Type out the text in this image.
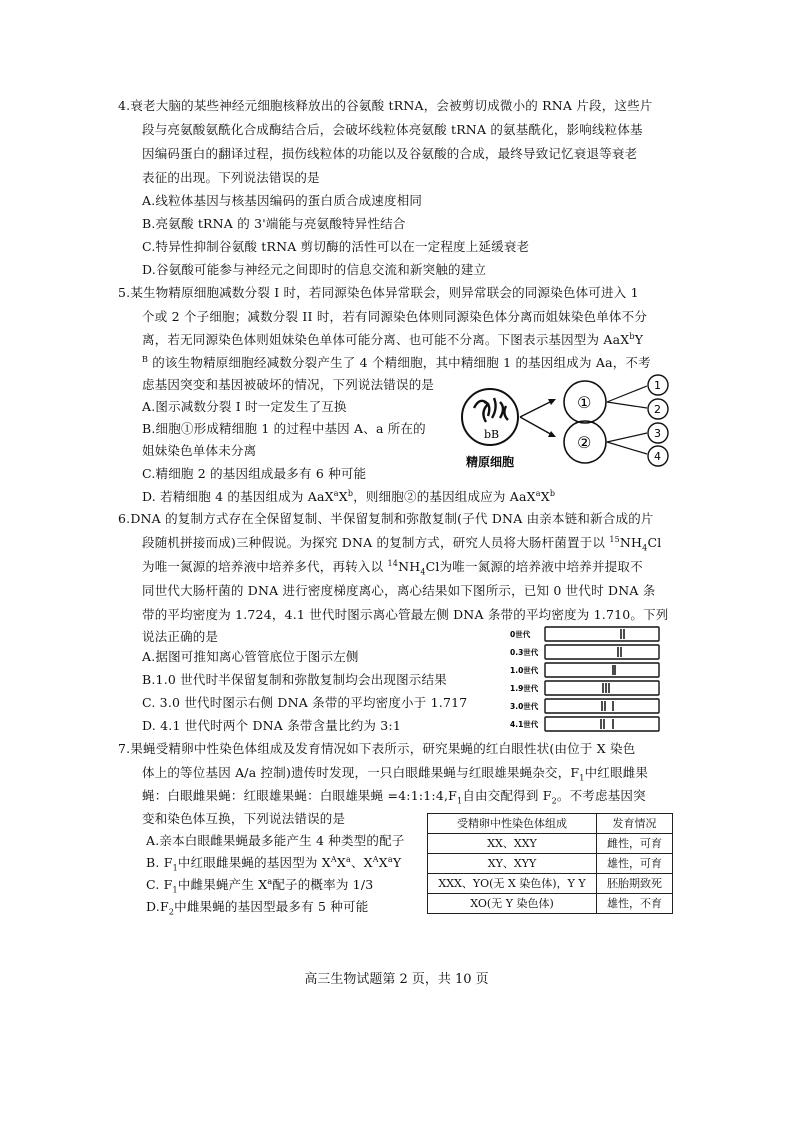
4.衰老大脑的某些神经元细胞核释放出的谷氨酸 tRNA，会被剪切成微小的 RNA 片段，这些片
段与亮氨酸氨酰化合成酶结合后，会破坏线粒体亮氨酸 tRNA 的氨基酰化，影响线粒体基
因编码蛋白的翻译过程，损伤线粒体的功能以及谷氨酸的合成，最终导致记忆衰退等衰老
表征的出现。下列说法错误的是
A.线粒体基因与核基因编码的蛋白质合成速度相同
B.亮氨酸 tRNA 的 3'端能与亮氨酸特异性结合
C.特异性抑制谷氨酸 tRNA 剪切酶的活性可以在一定程度上延缓衰老
D.谷氨酸可能参与神经元之间即时的信息交流和新突触的建立
5.某生物精原细胞减数分裂 I 时，若同源染色体异常联会，则异常联会的同源染色体可进入 1
个或 2 个子细胞；减数分裂 II 时，若有同源染色体则同源染色体分离而姐妹染色单体不分
离，若无同源染色体则姐妹染色单体可能分离、也可能不分离。下图表示基因型为 AaX$^b$Y
$^B$ 的该生物精原细胞经减数分裂产生了 4 个精细胞，其中精细胞 1 的基因组成为 Aa，不考
虑基因突变和基因被破坏的情况，下列说法错误的是
A.图示减数分裂 I 时一定发生了互换
B.细胞①形成精细胞 1 的过程中基因 A、a 所在的
姐妹染色单体未分离
C.精细胞 2 的基因组成最多有 6 种可能
D. 若精细胞 4 的基因组成为 $AaX^aX^b$，则细胞②的基因组成应为 $AaX^aX^b$
bB
精原细胞
①
②
1
2
3
4
6.DNA 的复制方式存在全保留复制、半保留复制和弥散复制(子代 DNA 由亲本链和新合成的片
段随机拼接而成)三种假说。为探究 DNA 的复制方式，研究人员将大肠杆菌置于以 $^{15}NH_4Cl$
为唯一氮源的培养液中培养多代，再转入以 $^{14}NH_4Cl$为唯一氮源的培养液中培养并提取不
同世代大肠杆菌的 DNA 进行密度梯度离心，离心结果如下图所示，已知 0 世代时 DNA 条
带的平均密度为 1.724，4.1 世代时图示离心管最左侧 DNA 条带的平均密度为 1.710。下列
说法正确的是
A.据图可推知离心管管底位于图示左侧
B.1.0 世代时半保留复制和弥散复制均会出现图示结果
C. 3.0 世代时图示右侧 DNA 条带的平均密度小于 1.717
D. 4.1 世代时两个 DNA 条带含量比约为 3:1
0世代
0.3世代
1.0世代
1.9世代
3.0世代
4.1世代
7.果蝇受精卵中性染色体组成及发育情况如下表所示，研究果蝇的红白眼性状(由位于 X 染色
体上的等位基因 A/a 控制)遗传时发现，一只白眼雌果蝇与红眼雄果蝇杂交，$F_1$中红眼雌果
蝇：白眼雌果蝇：红眼雄果蝇：白眼雄果蝇 $=4:1:1:4,F_1$自由交配得到 $F_2$。不考虑基因突
变和染色体互换，下列说法错误的是
A.亲本白眼雌果蝇最多能产生 4 种类型的配子
B. $F_1$中红眼雌果蝇的基因型为 $X^AX^a$、$X^AX^aY$
C. $F_1$中雌果蝇产生 $X^a$配子的概率为 1/3
$D.F_2$中雌果蝇的基因型最多有 5 种可能
受精卵中性染色体组成	发育情况
XX、XXY	雌性，可育
XY、XYY	雄性，可育
XXX、YO(无 X 染色体)，Y Y	胚胎期致死
XO(无 Y 染色体)	雄性，不育
高三生物试题第 2 页，共 10 页
